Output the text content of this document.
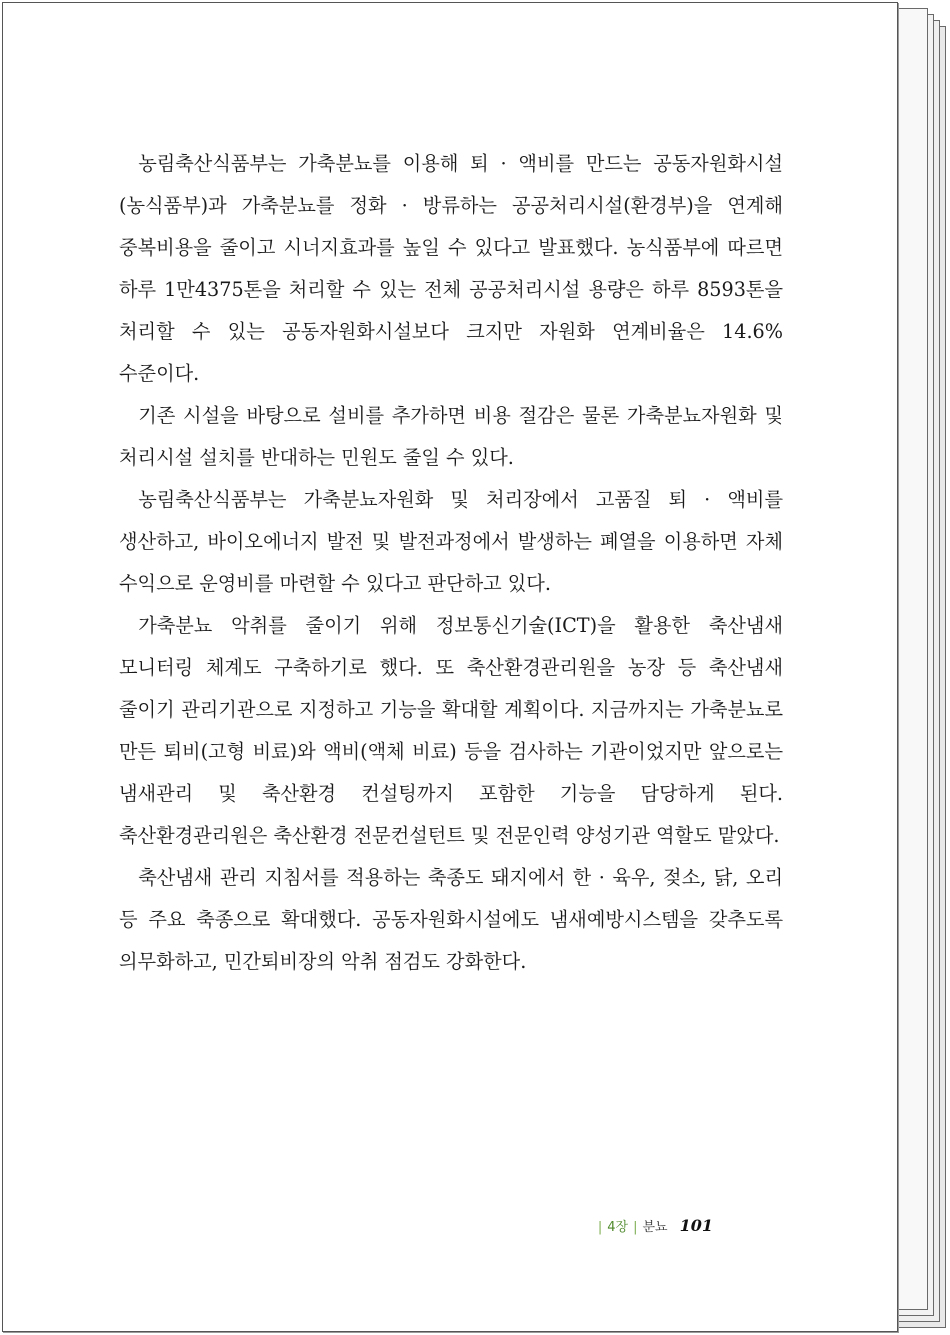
농림축산식품부는 가축분뇨를 이용해 퇴 · 액비를 만드는 공동자원화시설(농식품부)과 가축분뇨를 정화 · 방류하는 공공처리시설(환경부)을 연계해 중복비용을 줄이고 시너지효과를 높일 수 있다고 발표했다. 농식품부에 따르면 하루 1만4375톤을 처리할 수 있는 전체 공공처리시설 용량은 하루 8593톤을 처리할 수 있는 공동자원화시설보다 크지만 자원화 연계비율은 14.6% 수준이다.

기존 시설을 바탕으로 설비를 추가하면 비용 절감은 물론 가축분뇨자원화 및 처리시설 설치를 반대하는 민원도 줄일 수 있다.

농림축산식품부는 가축분뇨자원화 및 처리장에서 고품질 퇴 · 액비를 생산하고, 바이오에너지 발전 및 발전과정에서 발생하는 폐열을 이용하면 자체 수익으로 운영비를 마련할 수 있다고 판단하고 있다.

가축분뇨 악취를 줄이기 위해 정보통신기술(ICT)을 활용한 축산냄새 모니터링 체계도 구축하기로 했다. 또 축산환경관리원을 농장 등 축산냄새 줄이기 관리기관으로 지정하고 기능을 확대할 계획이다. 지금까지는 가축분뇨로 만든 퇴비(고형 비료)와 액비(액체 비료) 등을 검사하는 기관이었지만 앞으로는 냄새관리 및 축산환경 컨설팅까지 포함한 기능을 담당하게 된다. 축산환경관리원은 축산환경 전문컨설턴트 및 전문인력 양성기관 역할도 맡았다.

축산냄새 관리 지침서를 적용하는 축종도 돼지에서 한 · 육우, 젖소, 닭, 오리 등 주요 축종으로 확대했다. 공동자원화시설에도 냄새예방시스템을 갖추도록 의무화하고, 민간퇴비장의 악취 점검도 강화한다.

| 4장 | 분뇨 101
